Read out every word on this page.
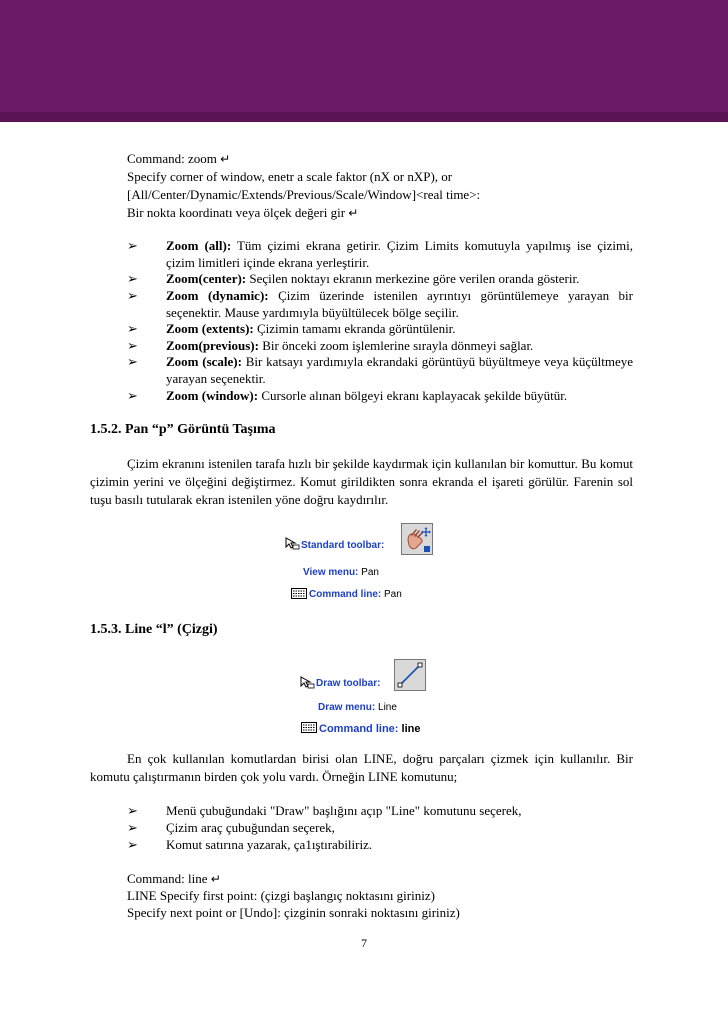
Command: zoom ↵
Specify corner of window, enetr a scale faktor (nX or nXP), or
[All/Center/Dynamic/Extends/Previous/Scale/Window]<real time>:
Bir nokta koordinatı veya ölçek değeri gir ↵
➢ Zoom (all): Tüm çizimi ekrana getirir. Çizim Limits komutuyla yapılmış ise çizimi, çizim limitleri içinde ekrana yerleştirir.
➢ Zoom(center): Seçilen noktayı ekranın merkezine göre verilen oranda gösterir.
➢ Zoom (dynamic): Çizim üzerinde istenilen ayrıntıyı görüntülemeye yarayan bir seçenektir. Mause yardımıyla büyültülecek bölge seçilir.
➢ Zoom (extents): Çizimin tamamı ekranda görüntülenir.
➢ Zoom(previous): Bir önceki zoom işlemlerine sırayla dönmeyi sağlar.
➢ Zoom (scale): Bir katsayı yardımıyla ekrandaki görüntüyü büyültmeye veya küçültmeye yarayan seçenektir.
➢ Zoom (window): Cursorle alınan bölgeyi ekranı kaplayacak şekilde büyütür.
1.5.2. Pan “p” Görüntü Taşıma
Çizim ekranını istenilen tarafa hızlı bir şekilde kaydırmak için kullanılan bir komuttur. Bu komut çizimin yerini ve ölçeğini değiştirmez. Komut girildikten sonra ekranda el işareti görülür. Farenin sol tuşu basılı tutularak ekran istenilen yöne doğru kaydırılır.
Standard toolbar:
View menu: Pan
Command line: Pan
1.5.3. Line “l” (Çizgi)
Draw toolbar:
Draw menu: Line
Command line: line
En çok kullanılan komutlardan birisi olan LINE, doğru parçaları çizmek için kullanılır. Bir komutu çalıştırmanın birden çok yolu vardı. Örneğin LINE komutunu;
➢ Menü çubuğundaki "Draw" başlığını açıp "Line" komutunu seçerek,
➢ Çizim araç çubuğundan seçerek,
➢ Komut satırına yazarak, ça1ıştırabiliriz.
Command: line ↵
LINE Specify first point: (çizgi başlangıç noktasını giriniz)
Specify next point or [Undo]: çizginin sonraki noktasını giriniz)
7
